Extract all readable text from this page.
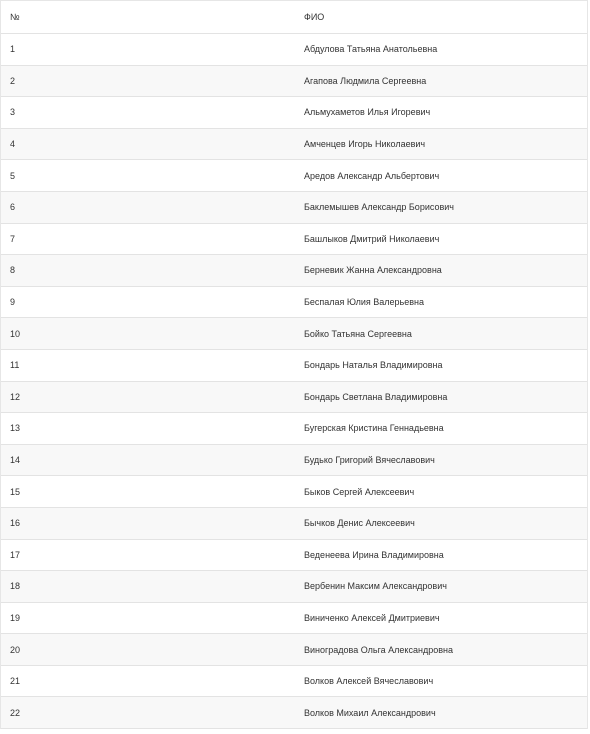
№	ФИО
1	Абдулова Татьяна Анатольевна
2	Агапова Людмила Сергеевна
3	Альмухаметов Илья Игоревич
4	Амченцев Игорь Николаевич
5	Аредов Александр Альбертович
6	Баклемышев Александр Борисович
7	Башлыков Дмитрий Николаевич
8	Берневик Жанна Александровна
9	Беспалая Юлия Валерьевна
10	Бойко Татьяна Сергеевна
11	Бондарь Наталья Владимировна
12	Бондарь Светлана Владимировна
13	Бугерская Кристина Геннадьевна
14	Будько Григорий Вячеславович
15	Быков Сергей Алексеевич
16	Бычков Денис Алексеевич
17	Веденеева Ирина Владимировна
18	Вербенин Максим Александрович
19	Виниченко Алексей Дмитриевич
20	Виноградова Ольга Александровна
21	Волков Алексей Вячеславович
22	Волков Михаил Александрович
